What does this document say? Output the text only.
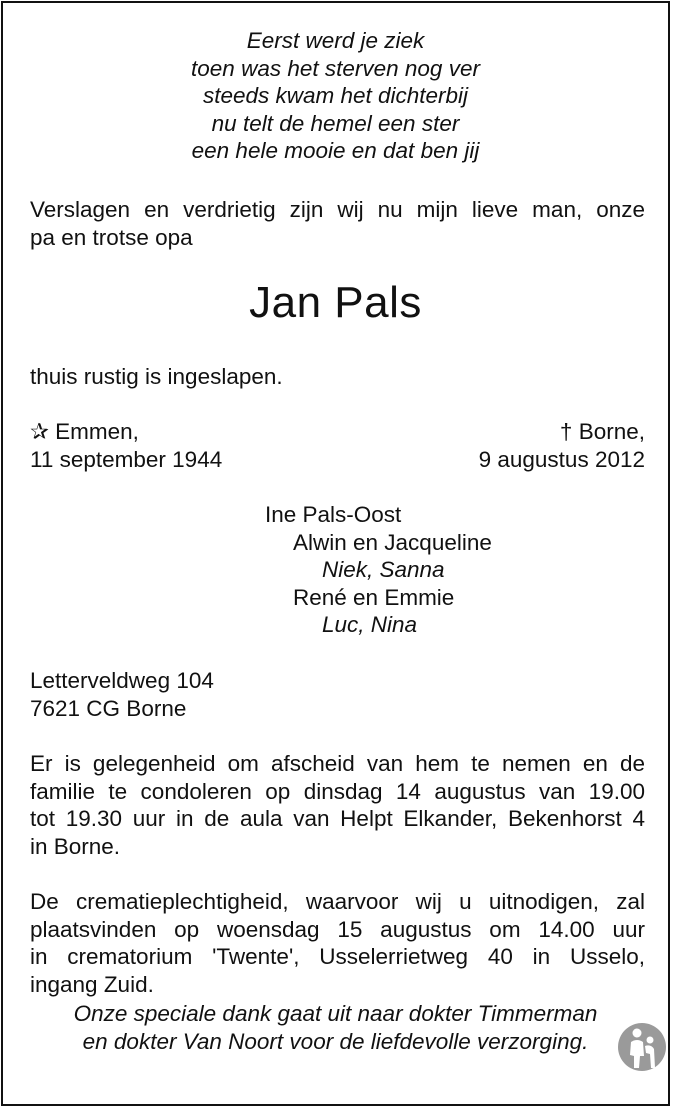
Eerst werd je ziek
toen was het sterven nog ver
steeds kwam het dichterbij
nu telt de hemel een ster
een hele mooie en dat ben jij
Verslagen en verdrietig zijn wij nu mijn lieve man, onze
pa en trotse opa
Jan Pals
thuis rustig is ingeslapen.
✰ Emmen,
11 september 1944
† Borne,
9 augustus 2012
Ine Pals-Oost
Alwin en Jacqueline
Niek, Sanna
René en Emmie
Luc, Nina
Letterveldweg 104
7621 CG Borne
Er is gelegenheid om afscheid van hem te nemen en de
familie te condoleren op dinsdag 14 augustus van 19.00
tot 19.30 uur in de aula van Helpt Elkander, Bekenhorst 4
in Borne.
De crematieplechtigheid, waarvoor wij u uitnodigen, zal
plaatsvinden op woensdag 15 augustus om 14.00 uur
in crematorium 'Twente', Usselerrietweg 40 in Usselo,
ingang Zuid.
Onze speciale dank gaat uit naar dokter Timmerman
en dokter Van Noort voor de liefdevolle verzorging.
